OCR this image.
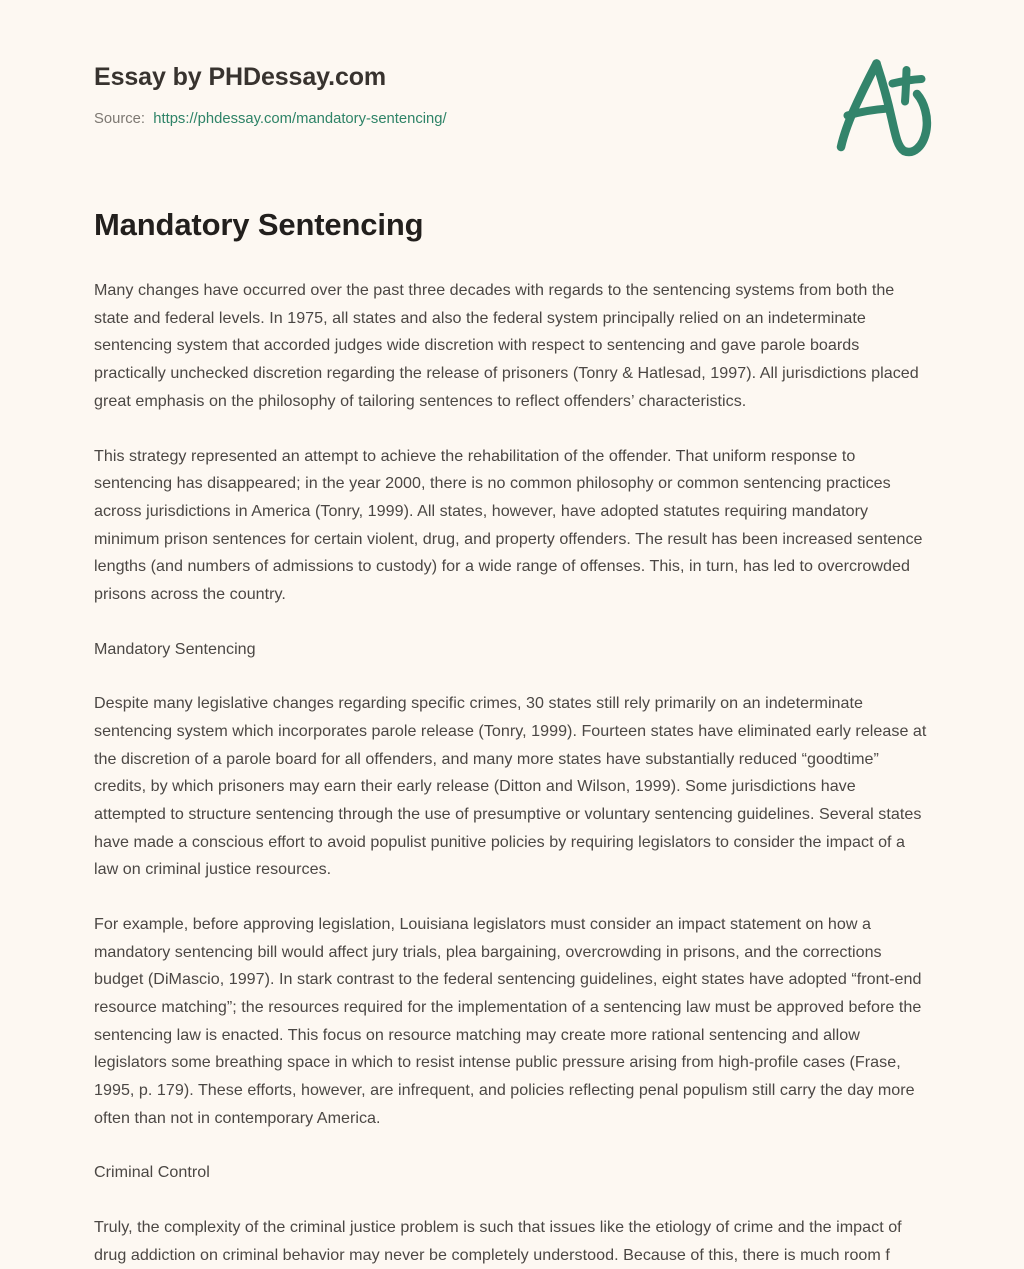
Essay by PHDessay.com
Source: https://phdessay.com/mandatory-sentencing/
Mandatory Sentencing

Many changes have occurred over the past three decades with regards to the sentencing systems from both the state and federal levels. In 1975, all states and also the federal system principally relied on an indeterminate sentencing system that accorded judges wide discretion with respect to sentencing and gave parole boards practically unchecked discretion regarding the release of prisoners (Tonry & Hatlesad, 1997). All jurisdictions placed great emphasis on the philosophy of tailoring sentences to reflect offenders’ characteristics.

This strategy represented an attempt to achieve the rehabilitation of the offender. That uniform response to sentencing has disappeared; in the year 2000, there is no common philosophy or common sentencing practices across jurisdictions in America (Tonry, 1999). All states, however, have adopted statutes requiring mandatory minimum prison sentences for certain violent, drug, and property offenders. The result has been increased sentence lengths (and numbers of admissions to custody) for a wide range of offenses. This, in turn, has led to overcrowded prisons across the country.

Mandatory Sentencing

Despite many legislative changes regarding specific crimes, 30 states still rely primarily on an indeterminate sentencing system which incorporates parole release (Tonry, 1999). Fourteen states have eliminated early release at the discretion of a parole board for all offenders, and many more states have substantially reduced “goodtime” credits, by which prisoners may earn their early release (Ditton and Wilson, 1999). Some jurisdictions have attempted to structure sentencing through the use of presumptive or voluntary sentencing guidelines. Several states have made a conscious effort to avoid populist punitive policies by requiring legislators to consider the impact of a law on criminal justice resources.

For example, before approving legislation, Louisiana legislators must consider an impact statement on how a mandatory sentencing bill would affect jury trials, plea bargaining, overcrowding in prisons, and the corrections budget (DiMascio, 1997). In stark contrast to the federal sentencing guidelines, eight states have adopted “front-end resource matching”; the resources required for the implementation of a sentencing law must be approved before the sentencing law is enacted. This focus on resource matching may create more rational sentencing and allow legislators some breathing space in which to resist intense public pressure arising from high-profile cases (Frase, 1995, p. 179). These efforts, however, are infrequent, and policies reflecting penal populism still carry the day more often than not in contemporary America.

Criminal Control

Truly, the complexity of the criminal justice problem is such that issues like the etiology of crime and the impact of drug addiction on criminal behavior may never be completely understood. Because of this, there is much room f
